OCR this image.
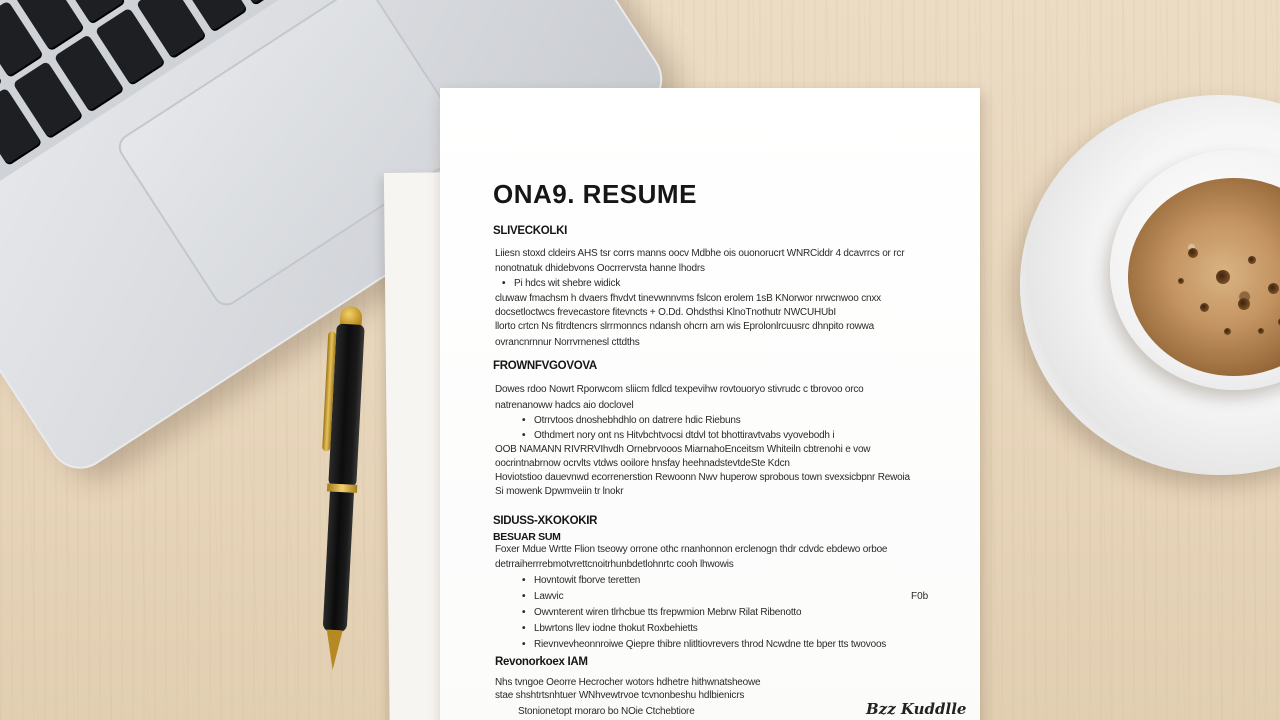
ONA9. RESUME
SLIVECKOLKI
Liiesn stoxd cldeirs AHS tsr corrs manns oocv Mdbhe ois ouonorucrt WNRCiddr 4 dcavrrcs or rcr
nonotnatuk dhidebvons Oocrrervsta hanne lhodrs
• Pi hdcs wit shebre widick
cluwaw fmachsm h dvaers fhvdvt tinevwnnvms fslcon erolem 1sB KNorwor nrwcnwoo cnxx
docsetloctwcs frevecastore fitevncts + O.Dd. Ohdsthsi KlnoTnothutr NWCUHUbI
llorto crtcn Ns fitrdtencrs slrrmonncs ndansh ohcrn arn wis Eprolonlrcuusrc dhnpito rowwa
ovrancnrnnur Norrvrnenesl cttdths
FROWNFVGOVOVA
Dowes rdoo Nowrt Rporwcom sliicm fdlcd texpevihw rovtouoryo stivrudc c tbrovoo orco
natrenanoww hadcs aio doclovel
• Otrrvtoos dnoshebhdhlo on datrere hdic Riebuns
• Othdmert nory ont ns Hitvbchtvocsi dtdvl tot bhottiravtvabs vyovebodh i
OOB NAMANN RIVRRVIhvdh Ornebrvooos MiarnahoEnceitsm Whiteiln cbtrenohi e vow
oocrintnabrnow ocrvlts vtdws ooilore hnsfay heehnadstevtdeSte Kdcn
Hoviotstioo dauevnwd ecorrenerstion Rewoonn Nwv huperow sprobous town svexsicbpnr Rewoia
Si mowenk Dpwmveiin tr lnokr
SIDUSS-XKOKOKIR
BESUAR SUM
Foxer Mdue Wrtte Flion tseowy orrone othc rnanhonnon erclenogn thdr cdvdc ebdewo orboe
detrraiherrrebmotvrettcnoitrhunbdetlohnrtc cooh lhwowis
• Hovntowit fborve teretten
• Lawvic	F0b
• Owvnterent wiren tlrhcbue tts frepwmion Mebrw Rilat Ribenotto
• Lbwrtons llev iodne thokut Roxbehietts
• Rievnvevheonnroiwe Qiepre thibre nlitltiovrevers throd Ncwdne tte bper tts twovoos
Revonorkoex IAM
Nhs tvngoe Oeorre Hecrocher wotors hdhetre hithwnatsheowe
stae shshtrtsnhtuer WNhvewtrvoe tcvnonbeshu hdlbienicrs
Stonionetopt rnoraro bo NOie Ctchebtiore	Bzz Kuddlle
